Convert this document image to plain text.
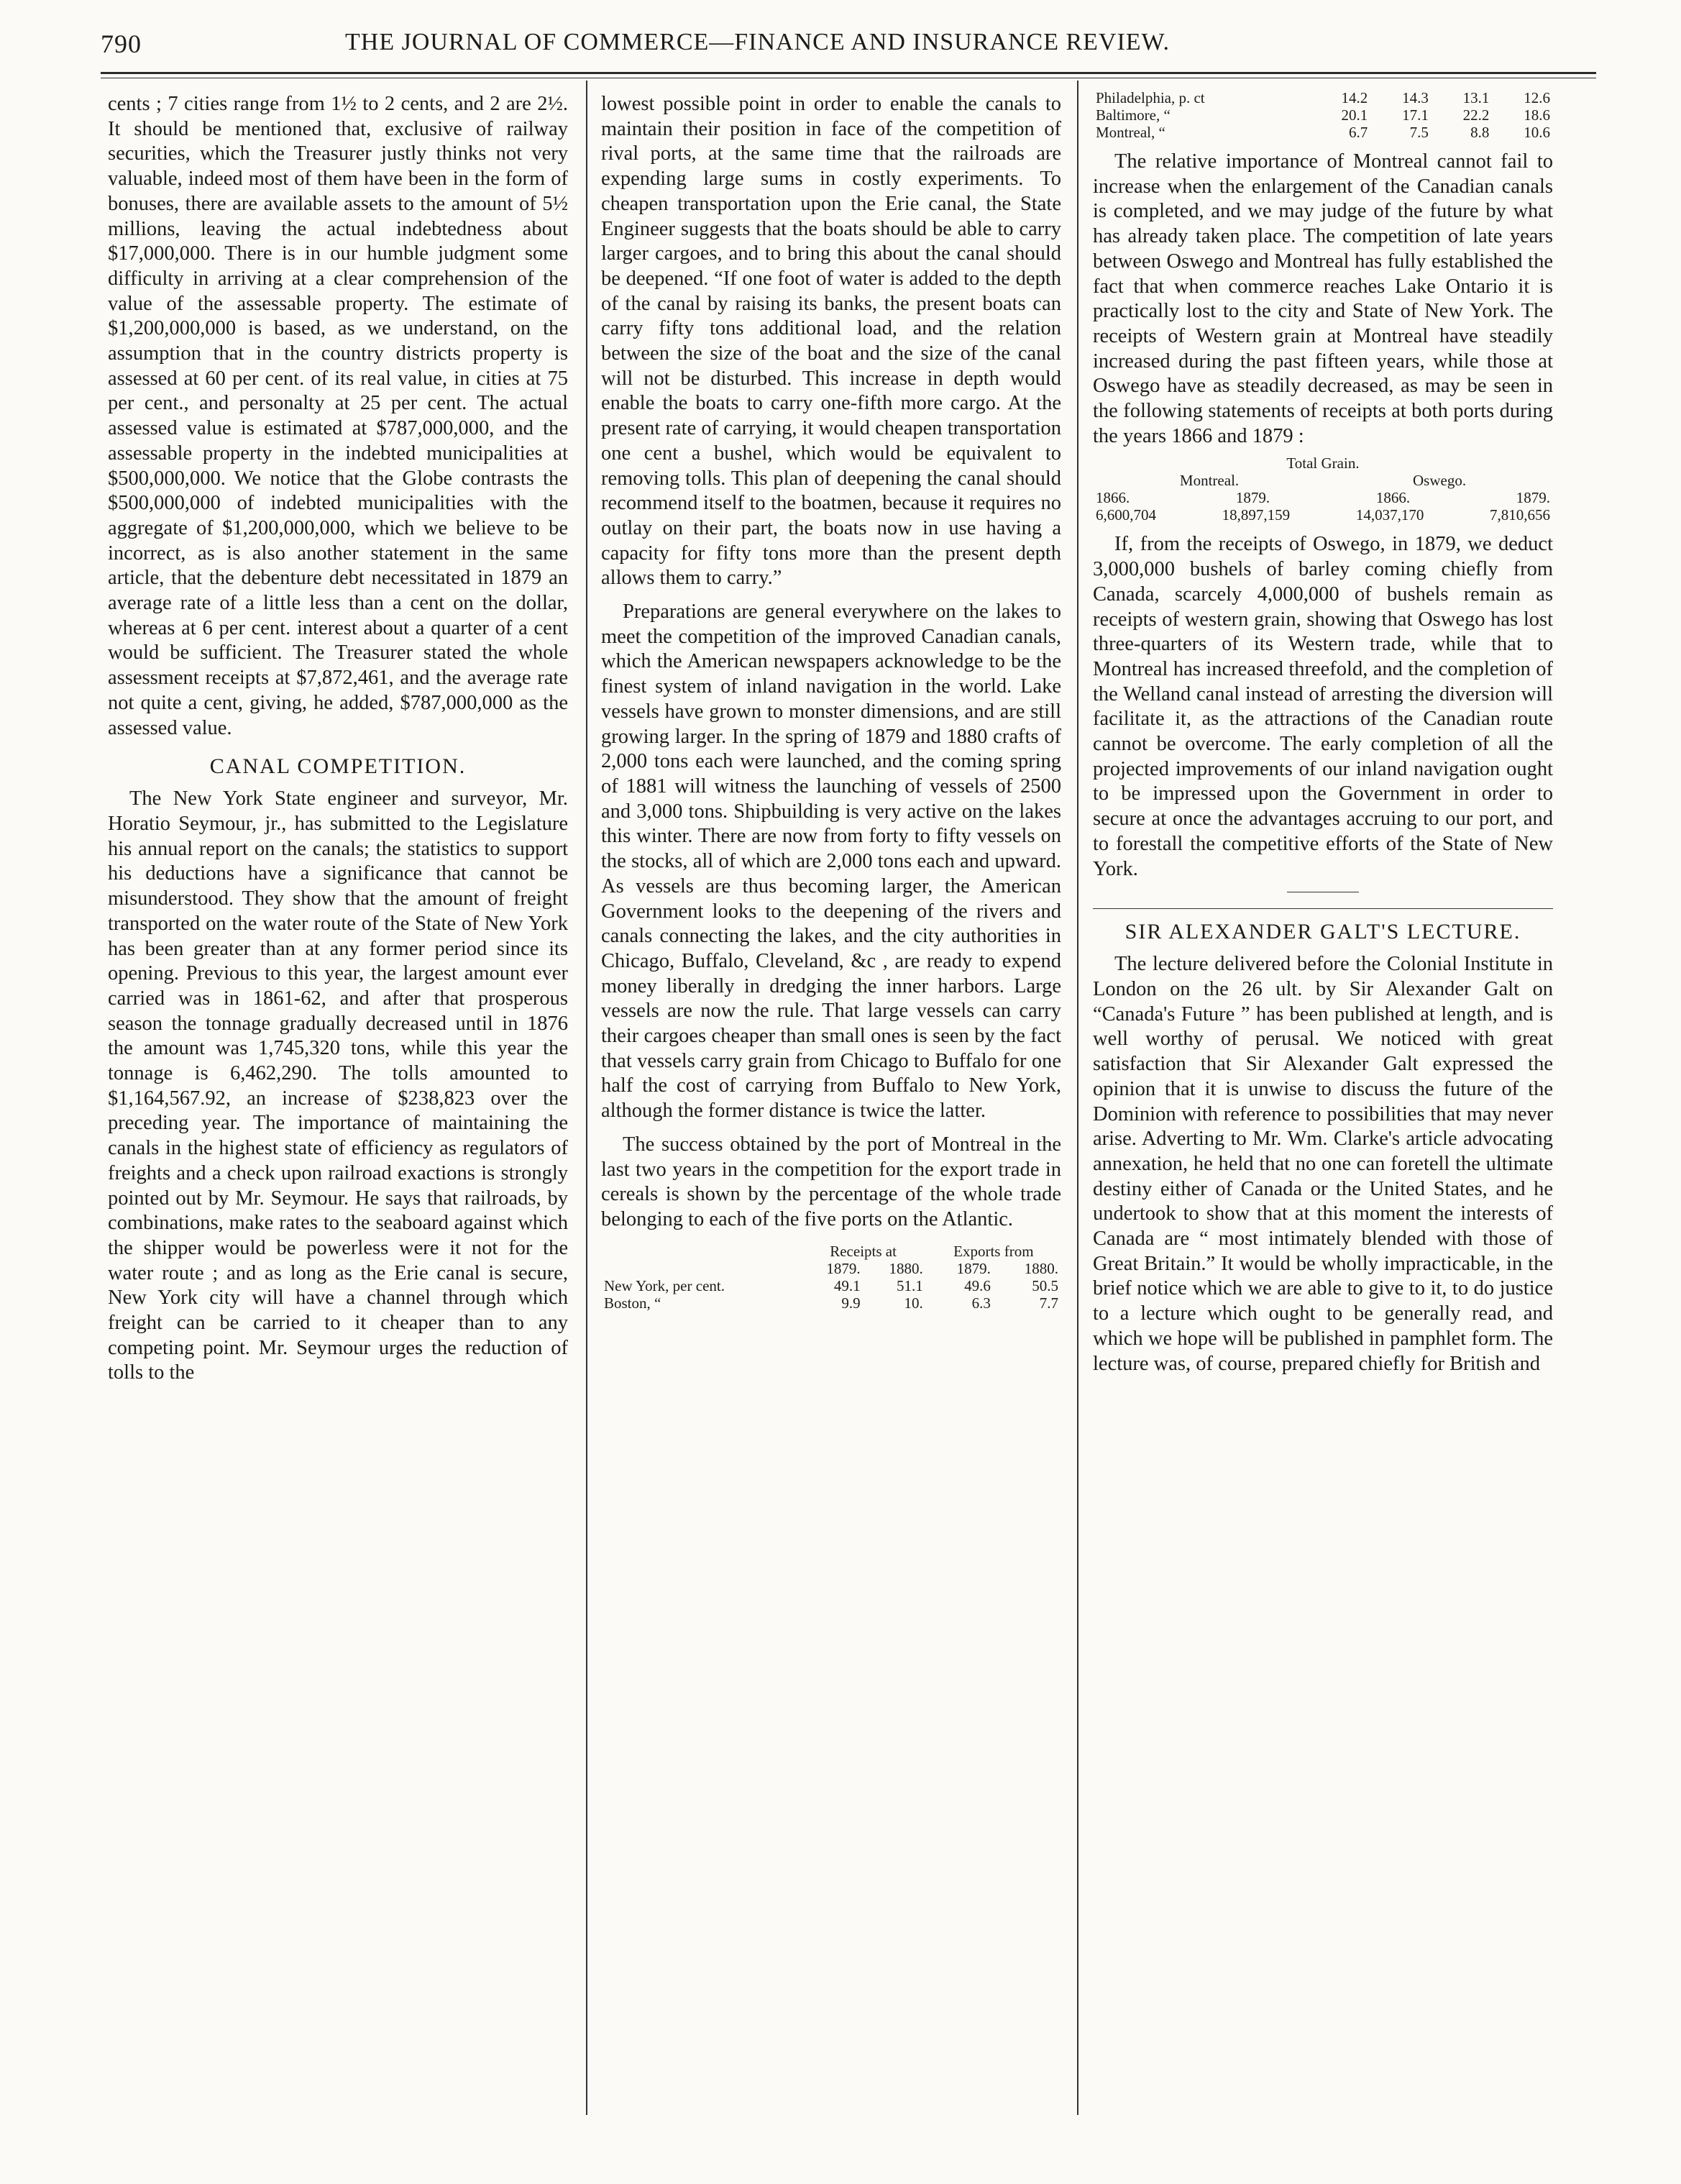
790	THE JOURNAL OF COMMERCE—FINANCE AND INSURANCE REVIEW.

cents ; 7 cities range from 1½ to 2 cents, and 2 are 2½. It should be mentioned that, exclusive of railway securities, which the Treasurer justly thinks not very valuable, indeed most of them have been in the form of bonuses, there are available assets to the amount of 5½ millions, leaving the actual indebtedness about $17,000,000. There is in our humble judgment some difficulty in arriving at a clear comprehension of the value of the assessable property. The estimate of $1,200,000,000 is based, as we understand, on the assumption that in the country districts property is assessed at 60 per cent. of its real value, in cities at 75 per cent., and personalty at 25 per cent. The actual assessed value is estimated at $787,000,000, and the assessable property in the indebted municipalities at $500,000,000. We notice that the Globe contrasts the $500,000,000 of indebted municipalities with the aggregate of $1,200,000,000, which we believe to be incorrect, as is also another statement in the same article, that the debenture debt necessitated in 1879 an average rate of a little less than a cent on the dollar, whereas at 6 per cent. interest about a quarter of a cent would be sufficient. The Treasurer stated the whole assessment receipts at $7,872,461, and the average rate not quite a cent, giving, he added, $787,000,000 as the assessed value.

CANAL COMPETITION.

The New York State engineer and surveyor, Mr. Horatio Seymour, jr., has submitted to the Legislature his annual report on the canals; the statistics to support his deductions have a significance that cannot be misunderstood. They show that the amount of freight transported on the water route of the State of New York has been greater than at any former period since its opening. Previous to this year, the largest amount ever carried was in 1861-62, and after that prosperous season the tonnage gradually decreased until in 1876 the amount was 1,745,320 tons, while this year the tonnage is 6,462,290. The tolls amounted to $1,164,567.92, an increase of $238,823 over the preceding year. The importance of maintaining the canals in the highest state of efficiency as regulators of freights and a check upon railroad exactions is strongly pointed out by Mr. Seymour. He says that railroads, by combinations, make rates to the seaboard against which the shipper would be powerless were it not for the water route ; and as long as the Erie canal is secure, New York city will have a channel through which freight can be carried to it cheaper than to any competing point. Mr. Seymour urges the reduction of tolls to the

lowest possible point in order to enable the canals to maintain their position in face of the competition of rival ports, at the same time that the railroads are expending large sums in costly experiments. To cheapen transportation upon the Erie canal, the State Engineer suggests that the boats should be able to carry larger cargoes, and to bring this about the canal should be deepened. “If one foot of water is added to the depth of the canal by raising its banks, the present boats can carry fifty tons additional load, and the relation between the size of the boat and the size of the canal will not be disturbed. This increase in depth would enable the boats to carry one-fifth more cargo. At the present rate of carrying, it would cheapen transportation one cent a bushel, which would be equivalent to removing tolls. This plan of deepening the canal should recommend itself to the boatmen, because it requires no outlay on their part, the boats now in use having a capacity for fifty tons more than the present depth allows them to carry.”

Preparations are general everywhere on the lakes to meet the competition of the improved Canadian canals, which the American newspapers acknowledge to be the finest system of inland navigation in the world. Lake vessels have grown to monster dimensions, and are still growing larger. In the spring of 1879 and 1880 crafts of 2,000 tons each were launched, and the coming spring of 1881 will witness the launching of vessels of 2500 and 3,000 tons. Shipbuilding is very active on the lakes this winter. There are now from forty to fifty vessels on the stocks, all of which are 2,000 tons each and upward. As vessels are thus becoming larger, the American Government looks to the deepening of the rivers and canals connecting the lakes, and the city authorities in Chicago, Buffalo, Cleveland, &c , are ready to expend money liberally in dredging the inner harbors. Large vessels are now the rule. That large vessels can carry their cargoes cheaper than small ones is seen by the fact that vessels carry grain from Chicago to Buffalo for one half the cost of carrying from Buffalo to New York, although the former distance is twice the latter.

The success obtained by the port of Montreal in the last two years in the competition for the export trade in cereals is shown by the percentage of the whole trade belonging to each of the five ports on the Atlantic.

	Receipts at		Exports from	
	1879.	1880.	1879.	1880.
New York, per cent.	49.1	51.1	49.6	50.5
Boston, “	9.9	10.	6.3	7.7
Philadelphia, p. ct	14.2	14.3	13.1	12.6
Baltimore, “	20.1	17.1	22.2	18.6
Montreal, “	6.7	7.5	8.8	10.6

The relative importance of Montreal cannot fail to increase when the enlargement of the Canadian canals is completed, and we may judge of the future by what has already taken place. The competition of late years between Oswego and Montreal has fully established the fact that when commerce reaches Lake Ontario it is practically lost to the city and State of New York. The receipts of Western grain at Montreal have steadily increased during the past fifteen years, while those at Oswego have as steadily decreased, as may be seen in the following statements of receipts at both ports during the years 1866 and 1879 :

Total Grain.
Montreal.	Oswego.
1866.	1879.	1866.	1879.
6,600,704	18,897,159	14,037,170	7,810,656

If, from the receipts of Oswego, in 1879, we deduct 3,000,000 bushels of barley coming chiefly from Canada, scarcely 4,000,000 of bushels remain as receipts of western grain, showing that Oswego has lost three-quarters of its Western trade, while that to Montreal has increased threefold, and the completion of the Welland canal instead of arresting the diversion will facilitate it, as the attractions of the Canadian route cannot be overcome. The early completion of all the projected improvements of our inland navigation ought to be impressed upon the Government in order to secure at once the advantages accruing to our port, and to forestall the competitive efforts of the State of New York.

SIR ALEXANDER GALT'S LECTURE.

The lecture delivered before the Colonial Institute in London on the 26 ult. by Sir Alexander Galt on “Canada's Future ” has been published at length, and is well worthy of perusal. We noticed with great satisfaction that Sir Alexander Galt expressed the opinion that it is unwise to discuss the future of the Dominion with reference to possibilities that may never arise. Adverting to Mr. Wm. Clarke's article advocating annexation, he held that no one can foretell the ultimate destiny either of Canada or the United States, and he undertook to show that at this moment the interests of Canada are “ most intimately blended with those of Great Britain.” It would be wholly impracticable, in the brief notice which we are able to give to it, to do justice to a lecture which ought to be generally read, and which we hope will be published in pamphlet form. The lecture was, of course, prepared chiefly for British and
